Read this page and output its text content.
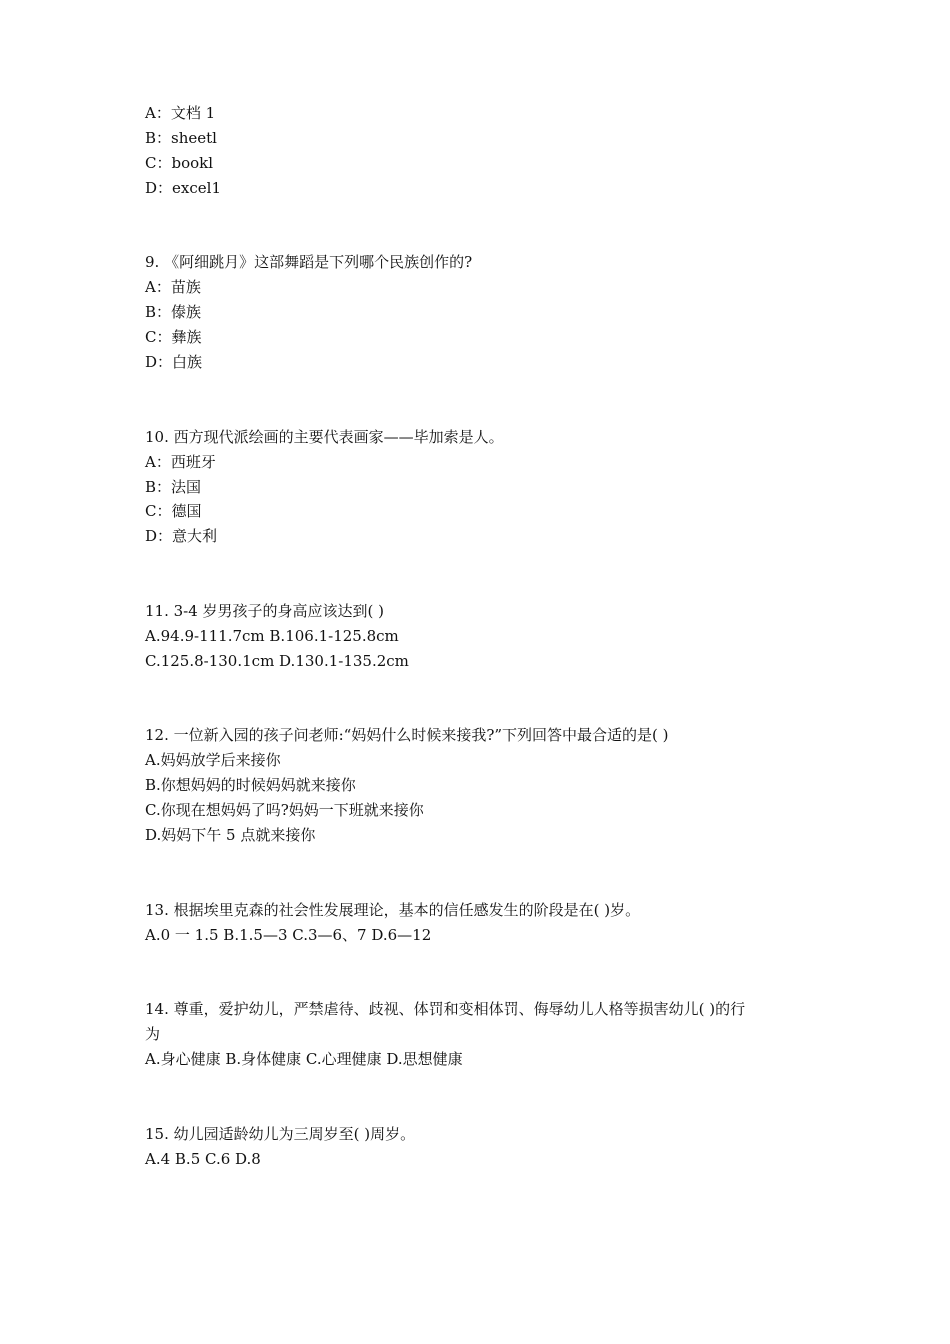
A：文档 1
B：sheetl
C：bookl
D：excel1
9. 《阿细跳月》这部舞蹈是下列哪个民族创作的?
A：苗族
B：傣族
C：彝族
D：白族
10. 西方现代派绘画的主要代表画家——毕加索是人。
A：西班牙
B：法国
C：德国
D：意大利
11. 3-4 岁男孩子的身高应该达到( )
A.94.9-111.7cm B.106.1-125.8cm
C.125.8-130.1cm D.130.1-135.2cm
12. 一位新入园的孩子问老师:“妈妈什么时候来接我?”下列回答中最合适的是( )
A.妈妈放学后来接你
B.你想妈妈的时候妈妈就来接你
C.你现在想妈妈了吗?妈妈一下班就来接你
D.妈妈下午 5 点就来接你
13. 根据埃里克森的社会性发展理论，基本的信任感发生的阶段是在( )岁。
A.0 一 1.5 B.1.5—3 C.3—6、7 D.6—12
14. 尊重，爱护幼儿，严禁虐待、歧视、体罚和变相体罚、侮辱幼儿人格等损害幼儿( )的行
为
A.身心健康 B.身体健康 C.心理健康 D.思想健康
15. 幼儿园适龄幼儿为三周岁至( )周岁。
A.4 B.5 C.6 D.8
